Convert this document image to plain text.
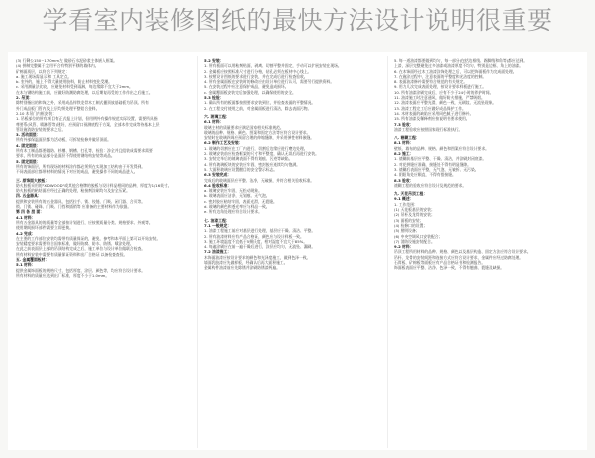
学看室内装修图纸的最快方法设计说明很重要
(3) 行剩公150~170mm左 做砂石水泥砂浆主体嵌入框架。
(4) 拼制完整属于尘用平合有特别平移的墙体内。
矿棉面质层，以符合下列规定：
a. 施工现场需显示和 工具定点。
b. 室外的，施上不得大量使用胶料，防止材料变化受潮。
c. 采用测量法比较，应避免材料受到雨淋，每边缘除不宜大于2mm。
在木与钢结构施工前，应做好防潮防腐处理，以后期复再受的工作作出之后施工。
2. 吊顶：
除特别指出的和饰之外，采用成品锌铁龙骨木工制式播顶放基础板为吊顶。所有
外门成品板门管内及上层均须处理平整铝合金料。
2.10 木吊门内框安装：
1. 吊板部位的所有项目有正式报上计划，但用例外有操作规范实际设置，需要所具指
尊要系(风管、喷淋管等)建好，应预留口预测底程于方案，全部木作完成等待基本上层
管设施消防安装的要求之后。
3. 活动面层：
所有外部保温面层都为活动板，可拆装检修并做吊顶面。
4. 固定面层：
所有木工制品都要做防、杉槽、钢槽、打孔等，检验：涉全并且组装成需要求需要
要求，所有的成品部分是面层不得使用钢结构安装等成品。
5. 固定面层：
所有的饰面层，所有现场的材料涂作都必须须在实现加工结构由于开发得到。
不同表面部位都带材料的情况下对应的成品，避免操作不同的成品进入。
三. 原饰面大胶板：
防火胶板采用的"XDWOOD"或其他合格牌的胶板与设计样品相同的品种，厚度为1/16英寸。
防火胶板的粘结面应经过正确的处理，粘接剂涂刷均匀及安全压紧。
四. 五金器具：
提供和安装所有的五金器具，包括拉手、锁、铰链、门吸、闭门器、合页等。
锁、门锁、碰珠、门吸、门挡和插销等 应准备的主要材料作为依据。
第 四 各 层 面：
4.1 材料：
所有五金器具的的质量等全部按计划进行，应按照质量分类、规格要求、外观等。
使用期间损坏部件需要立即更换。
4.2 完成：
在主要的工作部位安装均需带有质量保证的，避免、参考和本平面上第可以开始安装。
安装精度要求需要符合国家标准，做好防腐、防水、防锈、喷涂处理。
在此之前表面层上部的吊顶结构完成之后，施工单位与设计单位做联合检查。
所有材料安装中需要有质量保证资料和出厂合格证 以备检查查验。
五. 金属覆面板材：
5.1 材料：
提供金属饰面板的规格尺寸，包括厚度、涂层、颜色等，均应符合设计要求。
所有材料的质量应达到出厂标准，厚度不小于1.0mm。
5.2 安装：
1. 所有板面可以用粘剂贴面，剥离、切割平整并固定，手动可以扩展安装在现场。
2. 金属板应按照标准尺寸进行分格，钻孔必须在板材中心线上。
3. 按照设计图纸的要求进行安装，并在完成后进行检查验收。
4. 所有金属面板在安装时的修改应由设计单位进行认可，需要另行提供资料。
5. 在安装过程中应注意保护成品，避免造成损坏。
c. 金属覆面板安装完后加强处理，以确保使用的安全。
5.3 检验：
1. 确认所有的板面都按照要求安装到位，并检查表面的平整情况。
2. 在工程交付使用之前，对金属面板进行清洁，除去表面污物。
六. 玻璃工程：
6.1 材料：
玻璃主材的质量要求应满足国家相关标准规范。
玻璃的品种、规格、颜色、图案和固定方法等应符合设计要求。
安装时在玻璃四周应预留合理的伸缩缝隙，并采用弹性材料嵌缝。
6.2 制作工艺及安装：
1. 玻璃的切割应在工厂内进行，切割后边缘应进行磨边处理。
2. 玻璃安装前应检查框架的尺寸和平整度，确认无误后再进行安装。
3. 安装完毕后的玻璃表面不得有划痕、污迹等缺陷。
4. 所有玻璃板块的安装应牢固，密封胶应连续均匀饱满。
5. 大面积玻璃应设置醒目的安全警示标志。
6.3 安装完成：
完成后的玻璃面层应平整、洁净，无破损，并符合相关验收标准。
6.4 验收标准：
a. 玻璃安装应牢固，无松动现象。
b. 玻璃表面应洁净，无划痕、无气泡。
c. 密封胶应粘结牢固，表面光滑，无裂缝。
d. 玻璃的颜色和透光率应与样品一致。
e. 所有边角处理应符合设计要求。
七. 油漆工程：
7.1 一般规定：
1. 油漆工程施工前应对基层进行处理，基层应干燥、清洁、平整。
2. 所有油漆材料应有产品合格证，颜色应与设计样板一致。
3. 施工环境温度不宜低于5摄氏度，相对湿度不宜大于85%。
4. 每遍涂刷应在前一遍干燥后进行，涂层应均匀，无流坠、漏刷。
7.2 油漆施工：
木饰面油漆应按设计要求的颜色和光泽度施工，做到色泽一致。
墙面乳胶漆应先做样板，经确认后再大面积施工。
金属构件油漆前应先除锈并涂刷防锈漆两遍。
5. 每一道油漆都要做到均匀，每一部分(包括边框线、踢脚线和角等)都应达到。
上漆，深层完整避免过多油漆或油漆厚度不均匀，特别是边框、角上的油漆。
6. 在木饰面经过木工油漆涂饰处理之后，可以把饰面板作为完成面处理。
7. 在施涂过程中，注意表面的平整度和光洁度的控制。
8. 表面油漆修补需要符合规范的有关规定。
9. 用力几次完成表面处理，按设计要求样板进行施工。
10. 所有油漆涂刷完成后，应有不少于24小时的养护时间。
11. 油漆施工时注意通风，做好防火措施，严禁吸烟。
12. 油漆表面应平整光滑，颜色一致，无刷纹、无流坠现象。
13. 油漆工程完工后应做好成品保护工作。
14. 木材表面的缺陷应采用同色腻子进行修补。
15. 所有油漆及稀释剂应按说明书要求使用。
7.3 验收：
油漆工程验收应按照国家现行标准执行。
八. 裱糊工程：
8.1 材料：
壁纸、墙布的品种、规格、颜色和图案应符合设计要求。
8.2 施工：
1. 裱糊前基层应平整、干燥、清洁，并涂刷封闭底漆。
2. 对花拼缝应准确，接缝处不得有明显缝隙。
3. 裱糊后表面应平整，无气泡、无皱折、无污染。
4. 阴阳角处应顺直，不得有搭接缝。
8.3 验收：
裱糊工程的验收应符合设计及规范的要求。
九. 天花吊顶工程：
9.1 概述：
1. 工作范围：
(1) 天花板基层的安装；
(2) 吊杆及龙骨的安装；
(3) 面板的安装；
(4) 检修口的设置；
(5) 照明设备；
(6) 中央空调风口安装配合；
(7) 消防设施安装配合。
9.2 材料：
吊顶工程所用材料的品种、规格、颜色以及基层构造、固定方法应符合设计要求。
吊杆、龙骨的安装间距和连接方式应符合设计要求，金属件应经过防腐处理。
石膏板、矿棉板等面板应有产品合格证书和检测报告。
饰面板表面应平整、洁净、色泽一致，不得有翘曲、裂缝及缺损。
